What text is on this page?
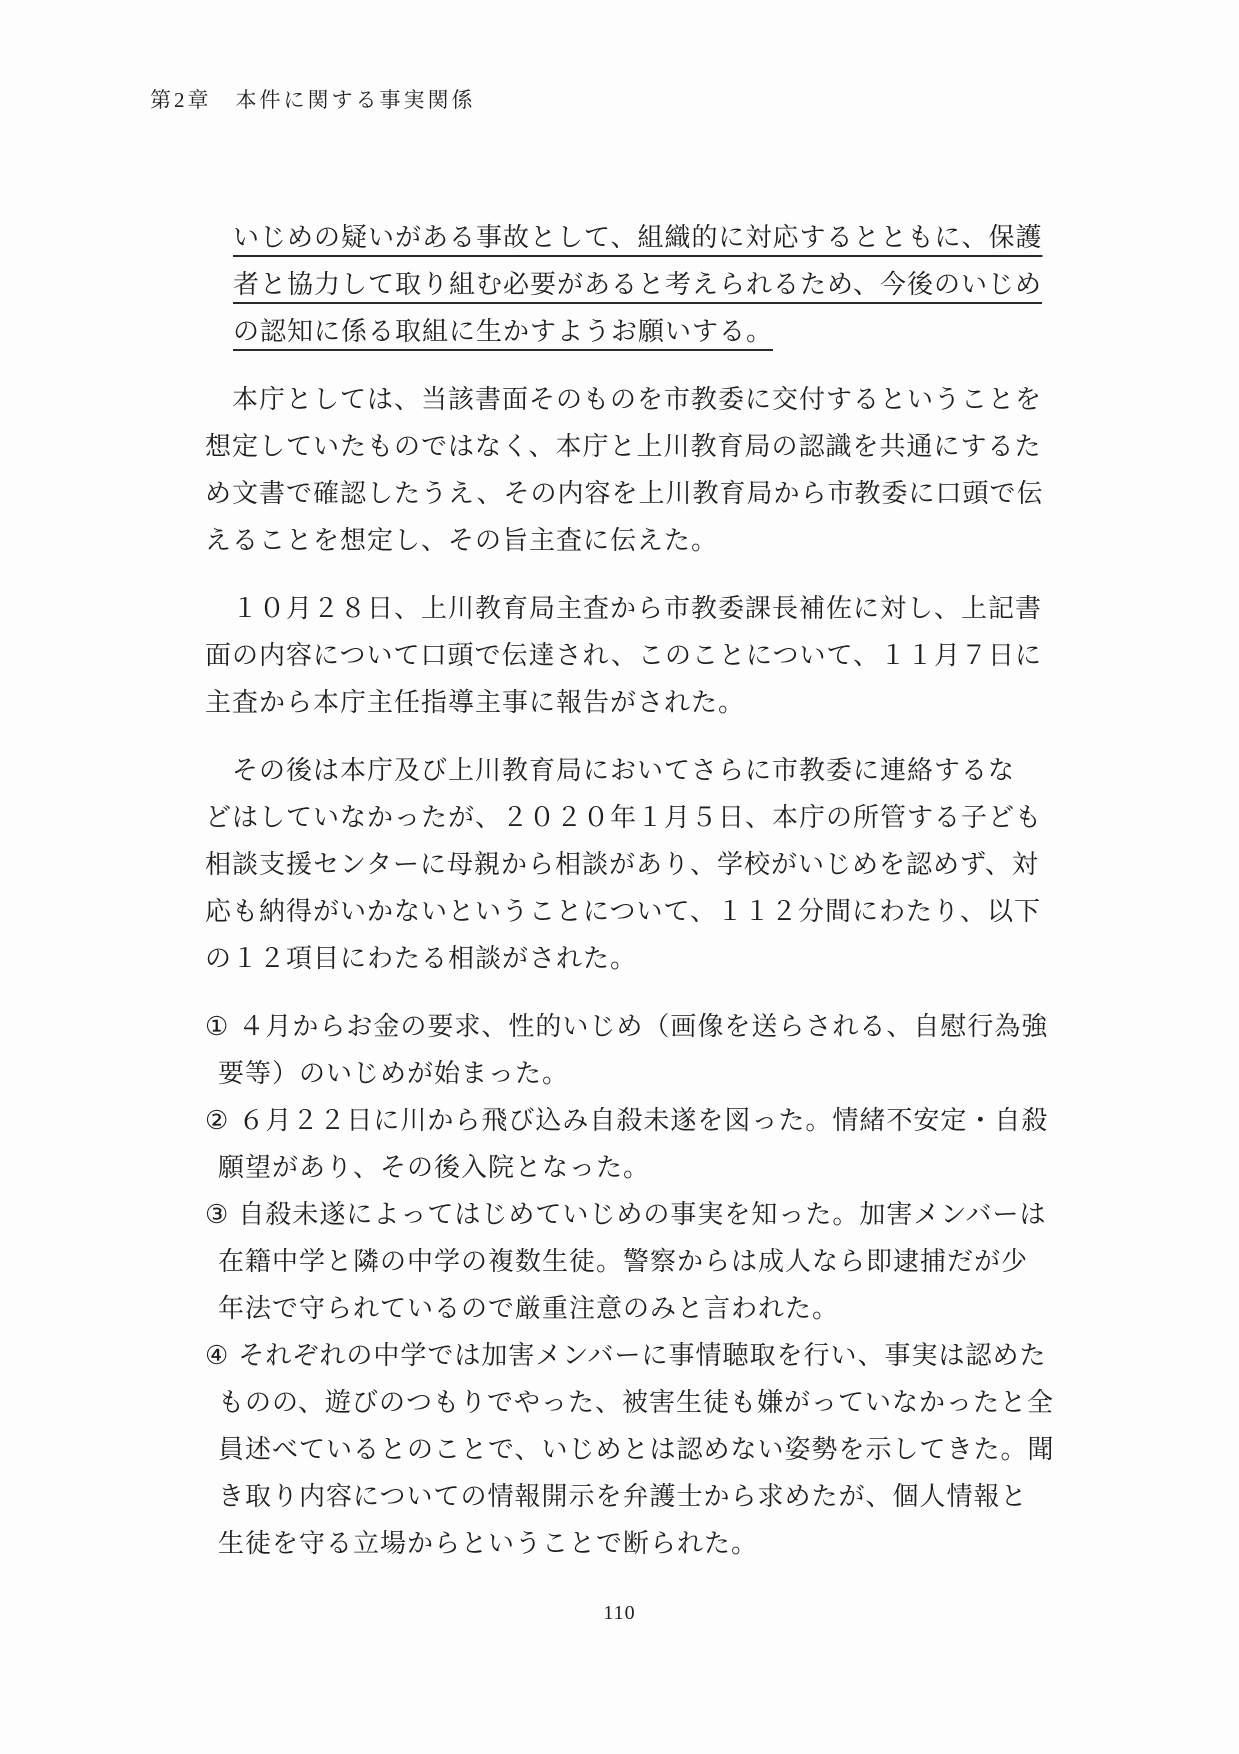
第2章　本件に関する事実関係
いじめの疑いがある事故として、組織的に対応するとともに、保護
者と協力して取り組む必要があると考えられるため、今後のいじめ
の認知に係る取組に生かすようお願いする。
本庁としては、当該書面そのものを市教委に交付するということを
想定していたものではなく、本庁と上川教育局の認識を共通にするた
め文書で確認したうえ、その内容を上川教育局から市教委に口頭で伝
えることを想定し、その旨主査に伝えた。
１０月２８日、上川教育局主査から市教委課長補佐に対し、上記書
面の内容について口頭で伝達され、このことについて、１１月７日に
主査から本庁主任指導主事に報告がされた。
その後は本庁及び上川教育局においてさらに市教委に連絡するな
どはしていなかったが、２０２０年１月５日、本庁の所管する子ども
相談支援センターに母親から相談があり、学校がいじめを認めず、対
応も納得がいかないということについて、１１２分間にわたり、以下
の１２項目にわたる相談がされた。
① ４月からお金の要求、性的いじめ（画像を送らされる、自慰行為強
要等）のいじめが始まった。
② ６月２２日に川から飛び込み自殺未遂を図った。情緒不安定・自殺
願望があり、その後入院となった。
③ 自殺未遂によってはじめていじめの事実を知った。加害メンバーは
在籍中学と隣の中学の複数生徒。警察からは成人なら即逮捕だが少
年法で守られているので厳重注意のみと言われた。
④ それぞれの中学では加害メンバーに事情聴取を行い、事実は認めた
ものの、遊びのつもりでやった、被害生徒も嫌がっていなかったと全
員述べているとのことで、いじめとは認めない姿勢を示してきた。聞
き取り内容についての情報開示を弁護士から求めたが、個人情報と
生徒を守る立場からということで断られた。
110
